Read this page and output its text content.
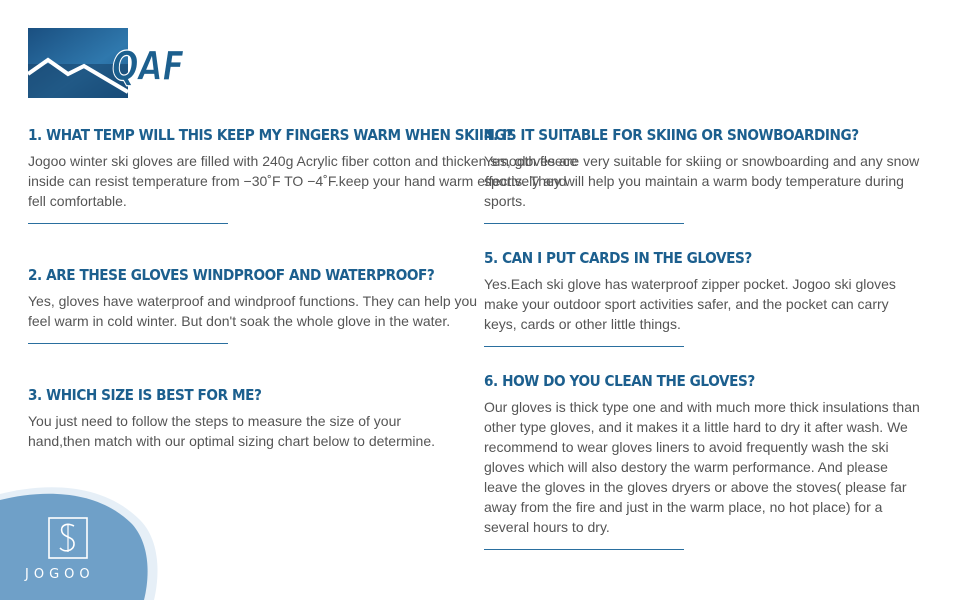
QAF
1. WHAT TEMP WILL THIS KEEP MY FINGERS WARM WHEN SKIING?

Jogoo winter ski gloves are filled with 240g Acrylic fiber cotton and thicken smooth fleece inside can resist temperature from −30˚F TO −4˚F.keep your hand warm effectively and fell comfortable.

2. ARE THESE GLOVES WINDPROOF AND WATERPROOF?

Yes, gloves have waterproof and windproof functions. They can help you feel warm in cold winter. But don't soak the whole glove in the water.

3. WHICH SIZE IS BEST FOR ME?

You just need to follow the steps to measure the size of your hand,then match with our optimal sizing chart below to determine.

4. IS IT SUITABLE FOR SKIING OR SNOWBOARDING?

Yes, gloves are very suitable for skiing or snowboarding and any snow sports. They will help you maintain a warm body temperature during sports.

5. CAN I PUT CARDS IN THE GLOVES?

Yes.Each ski glove has waterproof zipper pocket. Jogoo ski gloves make your outdoor sport activities safer, and the pocket can carry keys, cards or other little things.

6. HOW DO YOU CLEAN THE GLOVES?

Our gloves is thick type one and with much more thick insulations than other type gloves, and it makes it a little hard to dry it after wash. We recommend to wear gloves liners to avoid frequently wash the ski gloves which will also destory the warm performance. And please leave the gloves in the gloves dryers or above the stoves( please far away from the fire and just in the warm place, no hot place) for a several hours to dry.

JOGOO
